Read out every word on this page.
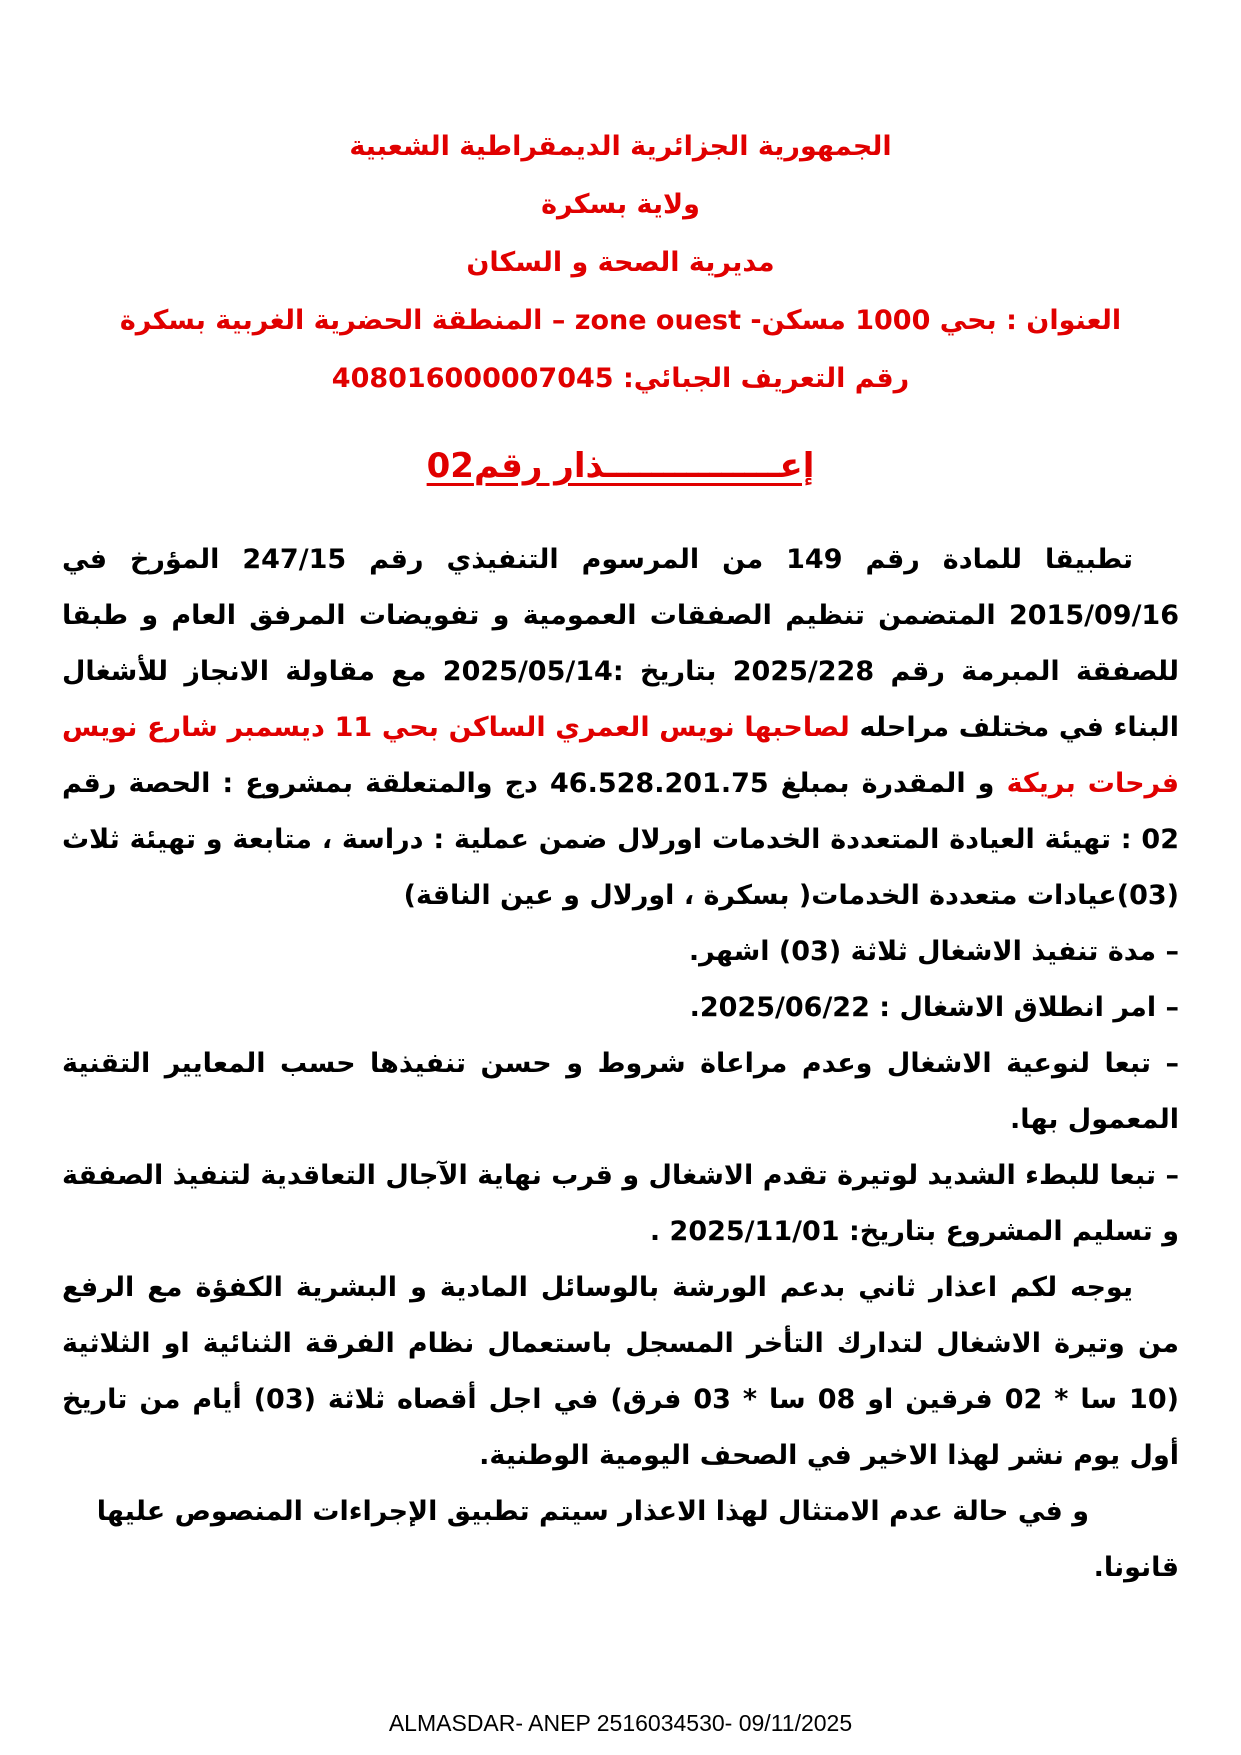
الجمهورية الجزائرية الديمقراطية الشعبية

ولاية بسكرة

مديرية الصحة و السكان

العنوان : بحي 1000 مسكن- zone ouest – المنطقة الحضرية الغربية بسكرة

رقم التعريف الجبائي: 408016000007045

إعـــــــــــــــذار رقم02

تطبيقا للمادة رقم 149 من المرسوم التنفيذي رقم 247/15 المؤرخ في 2015/09/16 المتضمن تنظيم الصفقات العمومية و تفويضات المرفق العام و طبقا للصفقة المبرمة رقم 2025/228 بتاريخ :2025/05/14 مع مقاولة الانجاز للأشغال البناء في مختلف مراحله لصاحبها نويس العمري الساكن بحي 11 ديسمبر شارع نويس فرحات بريكة و المقدرة بمبلغ 46.528.201.75 دج والمتعلقة بمشروع : الحصة رقم 02 : تهيئة العيادة المتعددة الخدمات اورلال ضمن عملية : دراسة ، متابعة و تهيئة ثلاث (03)عيادات متعددة الخدمات( بسكرة ، اورلال و عين الناقة)

– مدة تنفيذ الاشغال ثلاثة (03) اشهر.

– امر انطلاق الاشغال : 2025/06/22.

– تبعا لنوعية الاشغال وعدم مراعاة شروط و حسن تنفيذها حسب المعايير التقنية المعمول بها.

– تبعا للبطء الشديد لوتيرة تقدم الاشغال و قرب نهاية الآجال التعاقدية لتنفيذ الصفقة و تسليم المشروع بتاريخ: 2025/11/01 .

يوجه لكم اعذار ثاني بدعم الورشة بالوسائل المادية و البشرية الكفؤة مع الرفع من وتيرة الاشغال لتدارك التأخر المسجل باستعمال نظام الفرقة الثنائية او الثلاثية (10 سا * 02 فرقين او 08 سا * 03 فرق) في اجل أقصاه ثلاثة (03) أيام من تاريخ أول يوم نشر لهذا الاخير في الصحف اليومية الوطنية.

و في حالة عدم الامتثال لهذا الاعذار سيتم تطبيق الإجراءات المنصوص عليها قانونا.

ALMASDAR- ANEP 2516034530- 09/11/2025
